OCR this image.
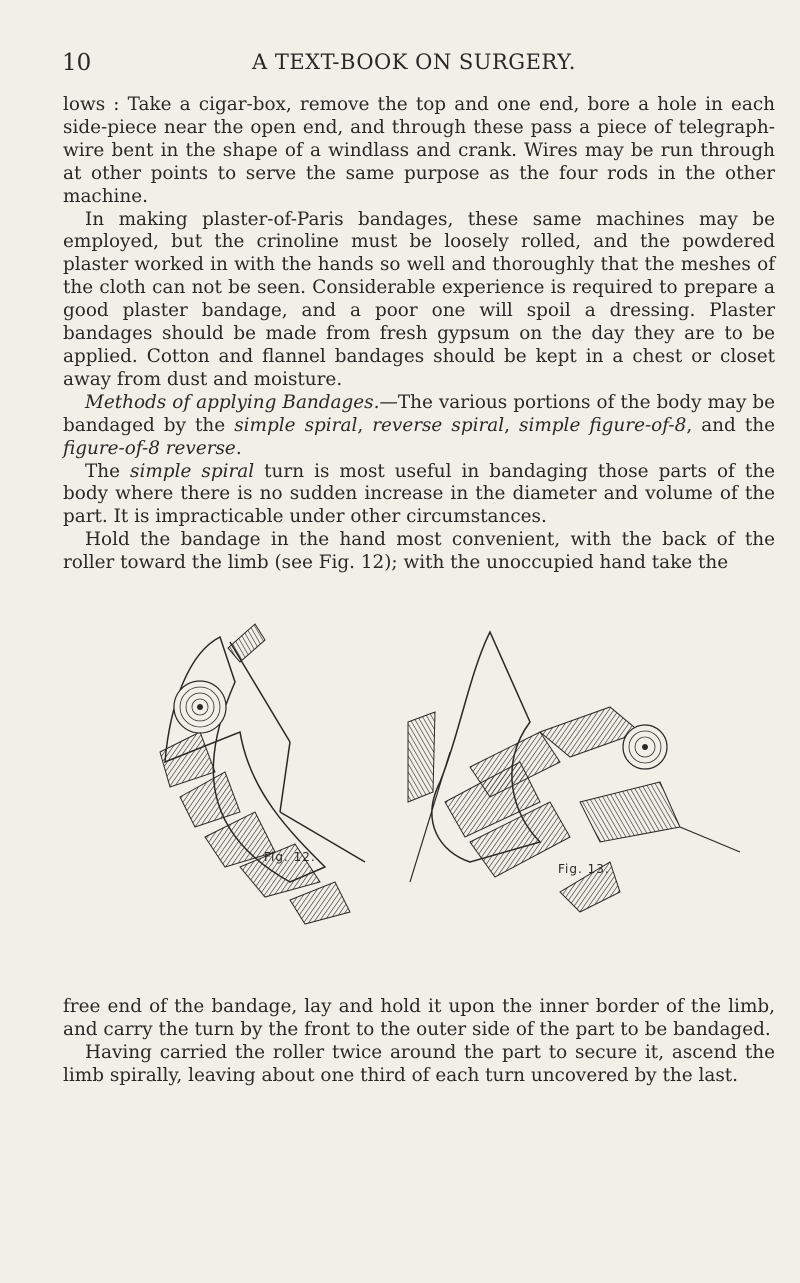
10	A TEXT-BOOK ON SURGERY.

lows : Take a cigar-box, remove the top and one end, bore a hole in each side-piece near the open end, and through these pass a piece of telegraph-wire bent in the shape of a windlass and crank. Wires may be run through at other points to serve the same purpose as the four rods in the other machine.

In making plaster-of-Paris bandages, these same machines may be employed, but the crinoline must be loosely rolled, and the powdered plaster worked in with the hands so well and thoroughly that the meshes of the cloth can not be seen. Considerable experience is required to prepare a good plaster bandage, and a poor one will spoil a dressing. Plaster bandages should be made from fresh gypsum on the day they are to be applied. Cotton and flannel bandages should be kept in a chest or closet away from dust and moisture.

Methods of applying Bandages.—The various portions of the body may be bandaged by the simple spiral, reverse spiral, simple figure-of-8, and the figure-of-8 reverse.

The simple spiral turn is most useful in bandaging those parts of the body where there is no sudden increase in the diameter and volume of the part. It is impracticable under other circumstances.

Hold the bandage in the hand most convenient, with the back of the roller toward the limb (see Fig. 12); with the unoccupied hand take the

Fig. 12.
Fig. 13.

free end of the bandage, lay and hold it upon the inner border of the limb, and carry the turn by the front to the outer side of the part to be bandaged.

Having carried the roller twice around the part to secure it, ascend the limb spirally, leaving about one third of each turn uncovered by the last.
